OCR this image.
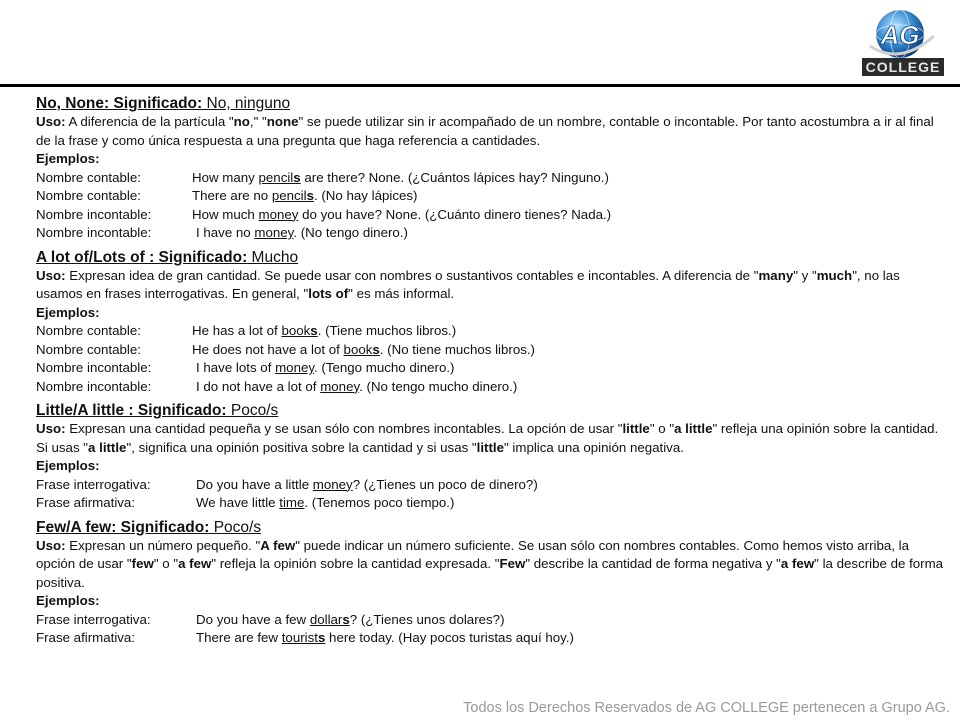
AG
COLLEGE
No, None: Significado: No, ninguno
Uso: A diferencia de la partícula "no," "none" se puede utilizar sin ir acompañado de un nombre, contable o incontable. Por tanto acostumbra a ir al final de la frase y como única respuesta a una pregunta que haga referencia a cantidades.
Ejemplos:
Nombre contable:	How many pencils are there? None. (¿Cuántos lápices hay? Ninguno.)
Nombre contable:	There are no pencils. (No hay lápices)
Nombre incontable:	How much money do you have? None. (¿Cuánto dinero tienes? Nada.)
Nombre incontable:	I have no money. (No tengo dinero.)
A lot of/Lots of : Significado: Mucho
Uso: Expresan idea de gran cantidad. Se puede usar con nombres o sustantivos contables e incontables. A diferencia de "many" y "much", no las usamos en frases interrogativas. En general, "lots of" es más informal.
Ejemplos:
Nombre contable:	He has a lot of books. (Tiene muchos libros.)
Nombre contable:	He does not have a lot of books. (No tiene muchos libros.)
Nombre incontable:	I have lots of money. (Tengo mucho dinero.)
Nombre incontable:	I do not have a lot of money. (No tengo mucho dinero.)
Little/A little : Significado: Poco/s
Uso: Expresan una cantidad pequeña y se usan sólo con nombres incontables. La opción de usar "little" o "a little" refleja una opinión sobre la cantidad. Si usas "a little", significa una opinión positiva sobre la cantidad y si usas "little" implica una opinión negativa.
Ejemplos:
Frase interrogativa:	Do you have a little money? (¿Tienes un poco de dinero?)
Frase afirmativa:	We have little time. (Tenemos poco tiempo.)
Few/A few: Significado: Poco/s
Uso: Expresan un número pequeño. "A few" puede indicar un número suficiente. Se usan sólo con nombres contables. Como hemos visto arriba, la opción de usar "few" o "a few" refleja la opinión sobre la cantidad expresada. "Few" describe la cantidad de forma negativa y "a few" la describe de forma positiva.
Ejemplos:
Frase interrogativa:	Do you have a few dollars? (¿Tienes unos dolares?)
Frase afirmativa:	There are few tourists here today. (Hay pocos turistas aquí hoy.)
Todos los Derechos Reservados de AG COLLEGE pertenecen a Grupo AG.
